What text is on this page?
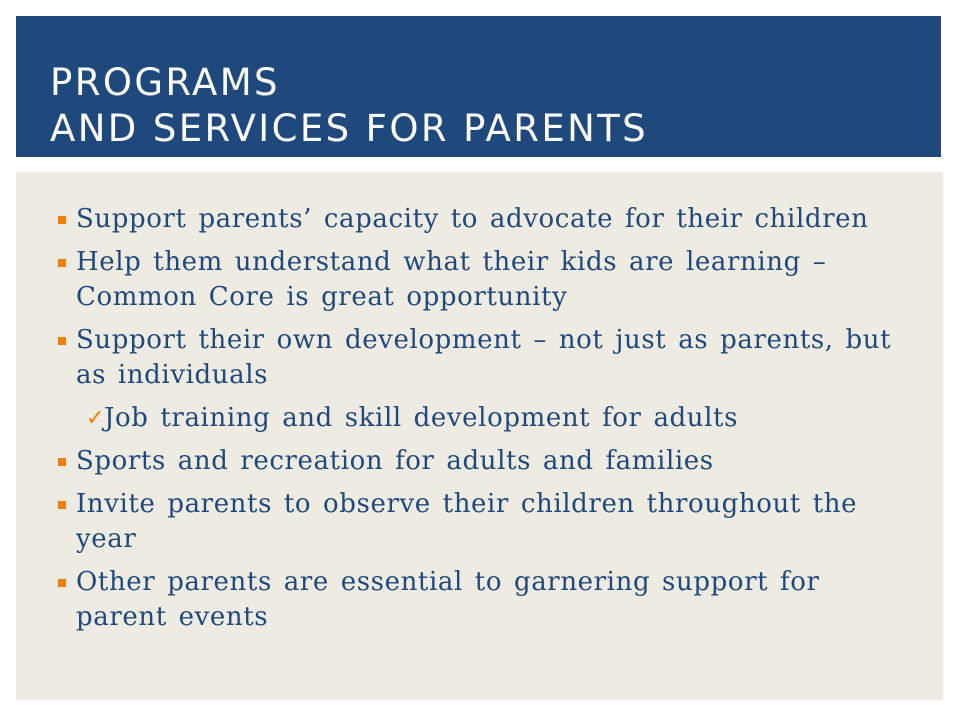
PROGRAMS
AND SERVICES FOR PARENTS
Support parents’ capacity to advocate for their children
Help them understand what their kids are learning – Common Core is great opportunity
Support their own development – not just as parents, but as individuals
✓
Job training and skill development for adults
Sports and recreation for adults and families
Invite parents to observe their children throughout the year
Other parents are essential to garnering support for parent events
